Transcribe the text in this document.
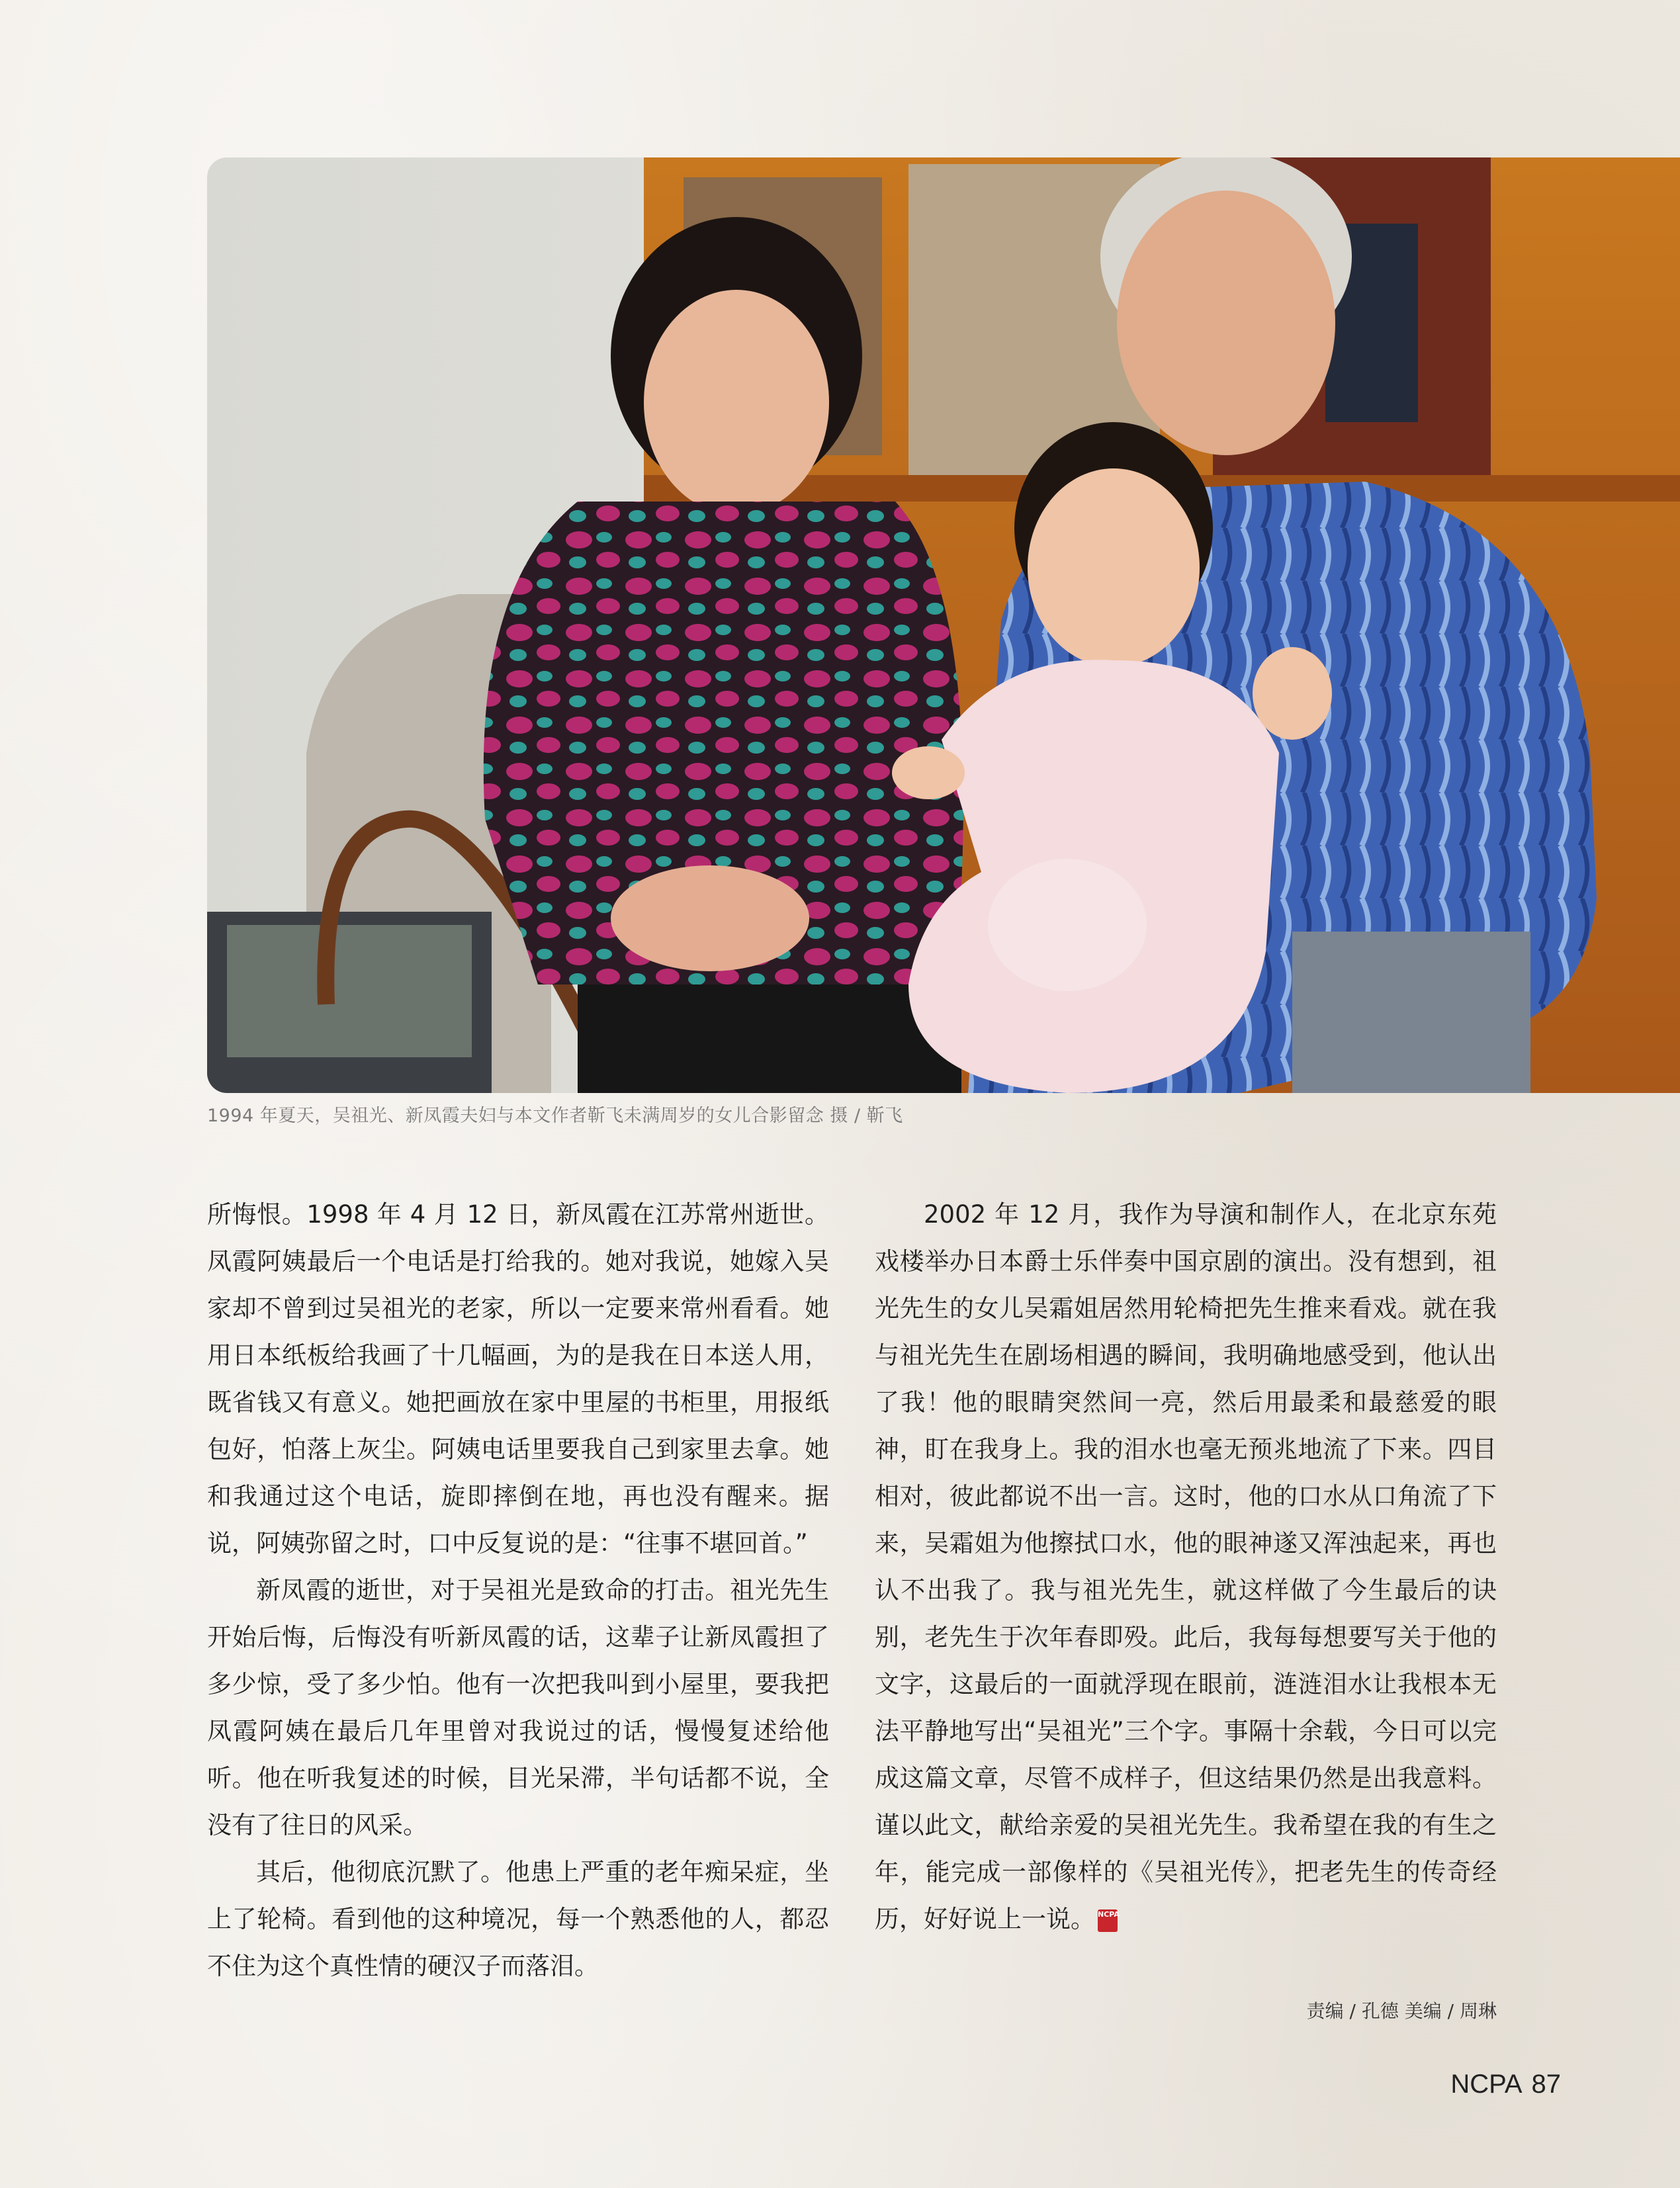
1994 年夏天，吴祖光、新凤霞夫妇与本文作者靳飞未满周岁的女儿合影留念 摄 / 靳飞

所悔恨。1998 年 4 月 12 日，新凤霞在江苏常州逝世。凤霞阿姨最后一个电话是打给我的。她对我说，她嫁入吴家却不曾到过吴祖光的老家，所以一定要来常州看看。她用日本纸板给我画了十几幅画，为的是我在日本送人用，既省钱又有意义。她把画放在家中里屋的书柜里，用报纸包好，怕落上灰尘。阿姨电话里要我自己到家里去拿。她和我通过这个电话，旋即摔倒在地，再也没有醒来。据说，阿姨弥留之时，口中反复说的是：“往事不堪回首。”

新凤霞的逝世，对于吴祖光是致命的打击。祖光先生开始后悔，后悔没有听新凤霞的话，这辈子让新凤霞担了多少惊，受了多少怕。他有一次把我叫到小屋里，要我把凤霞阿姨在最后几年里曾对我说过的话，慢慢复述给他听。他在听我复述的时候，目光呆滞，半句话都不说，全没有了往日的风采。

其后，他彻底沉默了。他患上严重的老年痴呆症，坐上了轮椅。看到他的这种境况，每一个熟悉他的人，都忍不住为这个真性情的硬汉子而落泪。

2002 年 12 月，我作为导演和制作人，在北京东苑戏楼举办日本爵士乐伴奏中国京剧的演出。没有想到，祖光先生的女儿吴霜姐居然用轮椅把先生推来看戏。就在我与祖光先生在剧场相遇的瞬间，我明确地感受到，他认出了我！他的眼睛突然间一亮，然后用最柔和最慈爱的眼神，盯在我身上。我的泪水也毫无预兆地流了下来。四目相对，彼此都说不出一言。这时，他的口水从口角流了下来，吴霜姐为他擦拭口水，他的眼神遂又浑浊起来，再也认不出我了。我与祖光先生，就这样做了今生最后的诀别，老先生于次年春即殁。此后，我每每想要写关于他的文字，这最后的一面就浮现在眼前，涟涟泪水让我根本无法平静地写出“吴祖光”三个字。事隔十余载，今日可以完成这篇文章，尽管不成样子，但这结果仍然是出我意料。谨以此文，献给亲爱的吴祖光先生。我希望在我的有生之年，能完成一部像样的《吴祖光传》，把老先生的传奇经历，好好说上一说。 NCPA

责编 / 孔德 美编 / 周琳
NCPA 87
